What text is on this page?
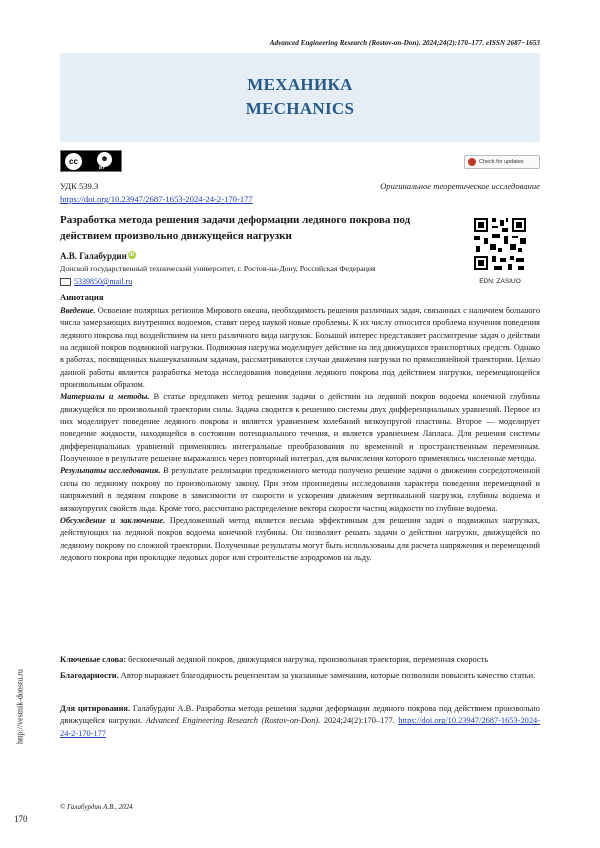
Advanced Engineering Research (Rostov-on-Don). 2024;24(2):170–177. eISSN 2687−1653
МЕХАНИКА
MECHANICS
cc	☻
BY
Check for updates
УДК 539.3
https://doi.org/10.23947/2687-1653-2024-24-2-170-177
Оригинальное теоретическое исследование
Разработка метода решения задачи деформации ледяного покрова под действием произвольно движущейся нагрузки
EDN: ZASIUO
А.В. Галабурдин iD
Донской государственный технический университет, г. Ростов-на-Дону, Российская Федерация
5339850@mail.ru
Аннотация

Введение. Освоение полярных регионов Мирового океана, необходимость решения различных задач, связанных с наличием большого числа замерзающих внутренних водоемов, ставят перед наукой новые проблемы. К их числу относится проблема изучения поведения ледяного покрова под воздействием на него различного вида нагрузок. Большой интерес представляет рассмотрение задач о действии на ледяной покров подвижной нагрузки. Подвижная нагрузка моделирует действие на лед движущихся транспортных средств. Однако в работах, посвященных вышеуказанным задачам, рассматриваются случаи движения нагрузки по прямолинейной траектории. Целью данной работы является разработка метода исследования поведения ледяного покрова под действием нагрузки, перемещающейся произвольным образом.

Материалы и методы. В статье предложен метод решения задачи о действии на ледяной покров водоема конечной глубины движущейся по произвольной траектории силы. Задача сводится к решению системы двух дифференциальных уравнений. Первое из них моделирует поведение ледяного покрова и является уравнением колебаний вязкоупругой пластины. Второе — моделирует поведение жидкости, находящейся в состоянии потенциального течения, и является уравнением Лапласа. Для решения системы дифференциальных уравнений применялись интегральные преобразования по временной и пространственным переменным. Полученное в результате решение выражалось через повторный интеграл, для вычисления которого применялись численные методы.

Результаты исследования. В результате реализации предложенного метода получено решение задачи о движении сосредоточенной силы по ледяному покрову по произвольному закону. При этом произведены исследования характера поведения перемещений и напряжений в ледяном покрове в зависимости от скорости и ускорения движения вертикальной нагрузки, глубины водоема и вязкоупругих свойств льда. Кроме того, рассчитано распределение вектора скорости частиц жидкости по глубине водоема.

Обсуждение и заключение. Предложенный метод является весьма эффективным для решения задач о подвижных нагрузках, действующих на ледяной покров водоема конечной глубины. Он позволяет решать задачи о действии нагрузки, движущейся по ледяному покрову по сложной траектории. Полученные результаты могут быть использованы для расчета напряжения и перемещений ледового покрова при прокладке ледовых дорог или строительстве аэродромов на льду.

Ключевые слова: бесконечный ледяной покров, движущаяся нагрузка, произвольная траектория, переменная скорость
Благодарности. Автор выражает благодарность рецензентам за указанные замечания, которые позволили повысить качество статьи.
Для цитирования. Галабурдин А.В. Разработка метода решения задачи деформации ледяного покрова под действием произвольно движущейся нагрузки. Advanced Engineering Research (Rostov-on-Don). 2024;24(2):170–177. https://doi.org/10.23947/2687-1653-2024-24-2-170-177
http://vestnik-donstu.ru
© Галабурдин А.В., 2024
170
